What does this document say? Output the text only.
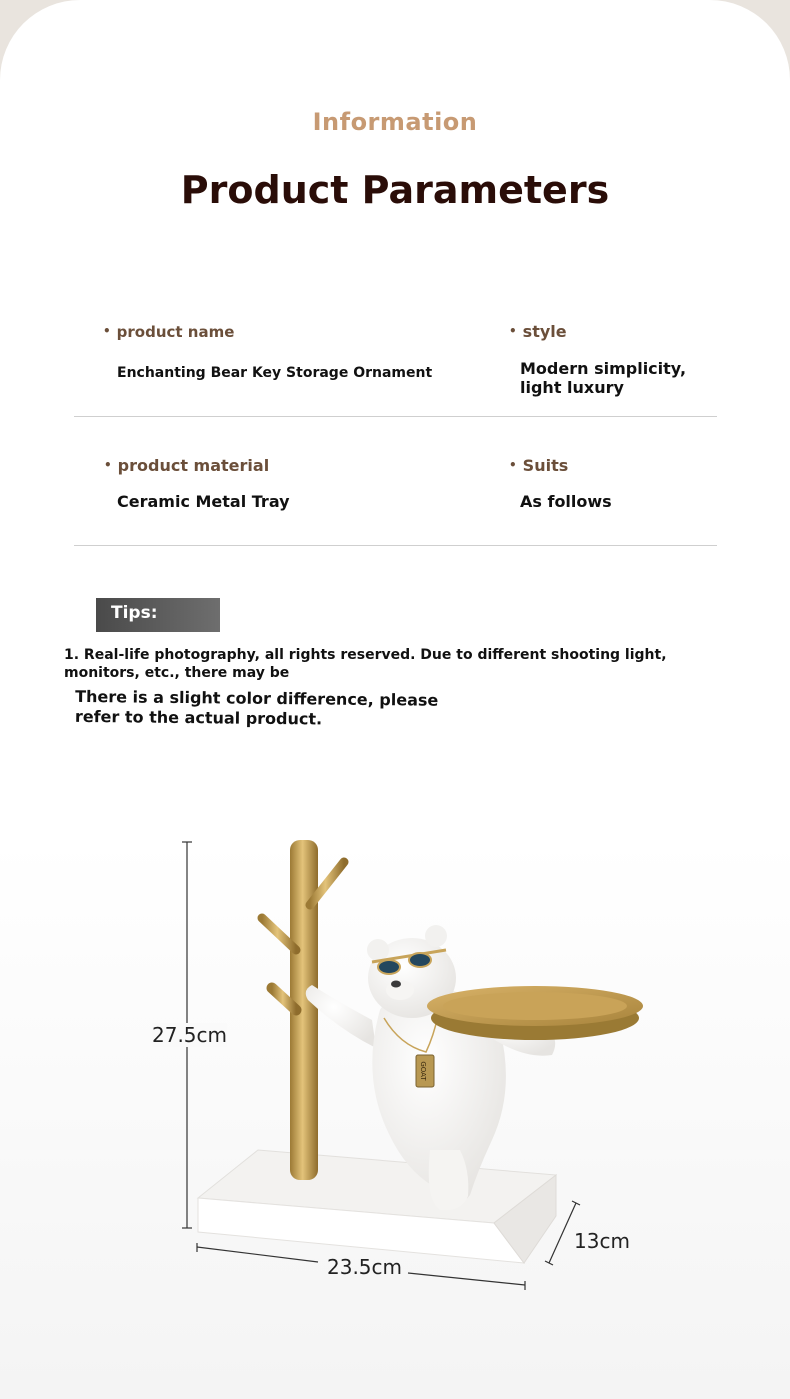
Information
Product Parameters
• product name
Enchanting Bear Key Storage Ornament
• style
Modern simplicity, light luxury
• product material
Ceramic Metal Tray
• Suits
As follows
Tips:
1. Real-life photography, all rights reserved. Due to different shooting light, monitors, etc., there may be
There is a slight color difference, please refer to the actual product.
GOAT
27.5cm
23.5cm
13cm
